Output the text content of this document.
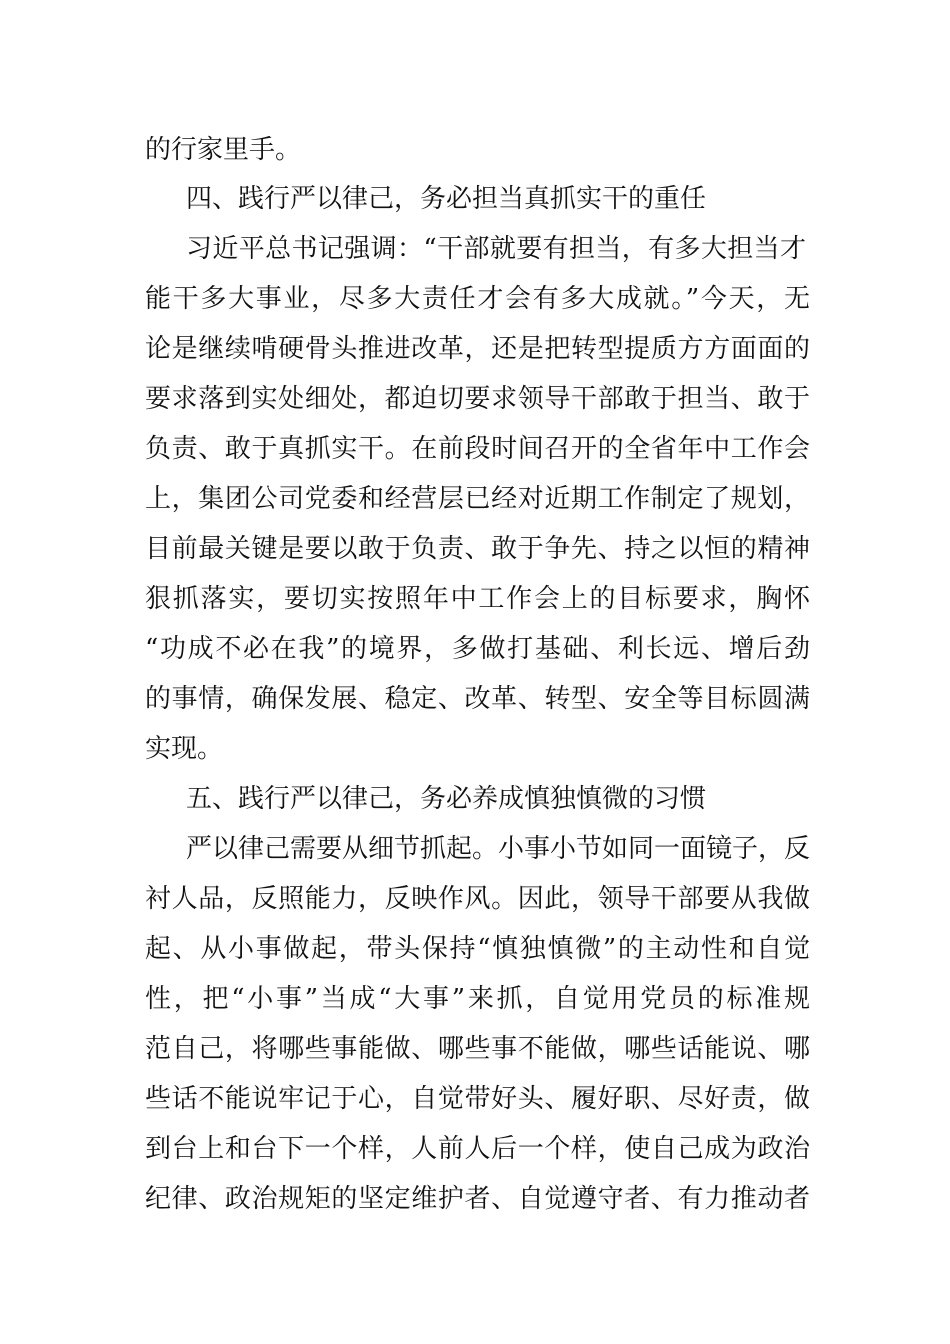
的行家里手。
四、践行严以律己，务必担当真抓实干的重任
习近平总书记强调：“干部就要有担当，有多大担当才
能干多大事业，尽多大责任才会有多大成就。”今天，无
论是继续啃硬骨头推进改革，还是把转型提质方方面面的
要求落到实处细处，都迫切要求领导干部敢于担当、敢于
负责、敢于真抓实干。在前段时间召开的全省年中工作会
上，集团公司党委和经营层已经对近期工作制定了规划，
目前最关键是要以敢于负责、敢于争先、持之以恒的精神
狠抓落实，要切实按照年中工作会上的目标要求，胸怀
“功成不必在我”的境界，多做打基础、利长远、增后劲
的事情，确保发展、稳定、改革、转型、安全等目标圆满
实现。
五、践行严以律己，务必养成慎独慎微的习惯
严以律己需要从细节抓起。小事小节如同一面镜子，反
衬人品，反照能力，反映作风。因此，领导干部要从我做
起、从小事做起，带头保持“慎独慎微”的主动性和自觉
性，把“小事”当成“大事”来抓，自觉用党员的标准规
范自己，将哪些事能做、哪些事不能做，哪些话能说、哪
些话不能说牢记于心，自觉带好头、履好职、尽好责，做
到台上和台下一个样，人前人后一个样，使自己成为政治
纪律、政治规矩的坚定维护者、自觉遵守者、有力推动者
